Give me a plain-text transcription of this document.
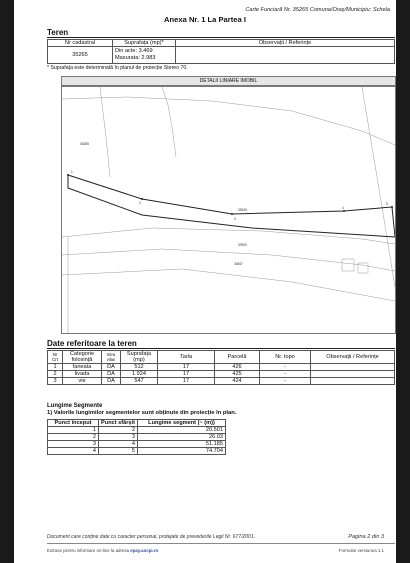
Carte Funciară Nr. 35265 Comuna/Oraș/Municipiu: Schela
Anexa Nr. 1 La Partea I
Teren
Nr cadastral	Suprafața (mp)*	Observații / Referințe
35265	Din acte: 3.469
Masurata: 2.983	

* Suprafața este determinată în planul de proiecție Stereo 70.
DETALII LINIARE IMOBIL
1
2
3
4
5
35265
36385
30990
30857
Date referitoare la teren
Nr Crt	Categorie folosință	Intra vilan	Suprafața (mp)	Tarla	Parcelă	Nr. topo	Observații / Referințe
1	faneata	DA	512	17	426	-	
2	livada	DA	1.924	17	425	-	
3	vie	DA	547	17	424	-	
Lungime Segmente
1) Valorile lungimilor segmentelor sunt obținute din proiecție în plan.
Punct început	Punct sfârșit	Lungime segment (~ (m))
1	2	20.501
2	3	26.03
3	4	51.185
4	5	74.704
Document care conține date cu caracter personal, protejate de prevederile Legii Nr. 677/2001.	Pagina 2 din 3
Extrase pentru informare on-line la adresa epay.ancpi.ro	Formular versiunea 1.1
